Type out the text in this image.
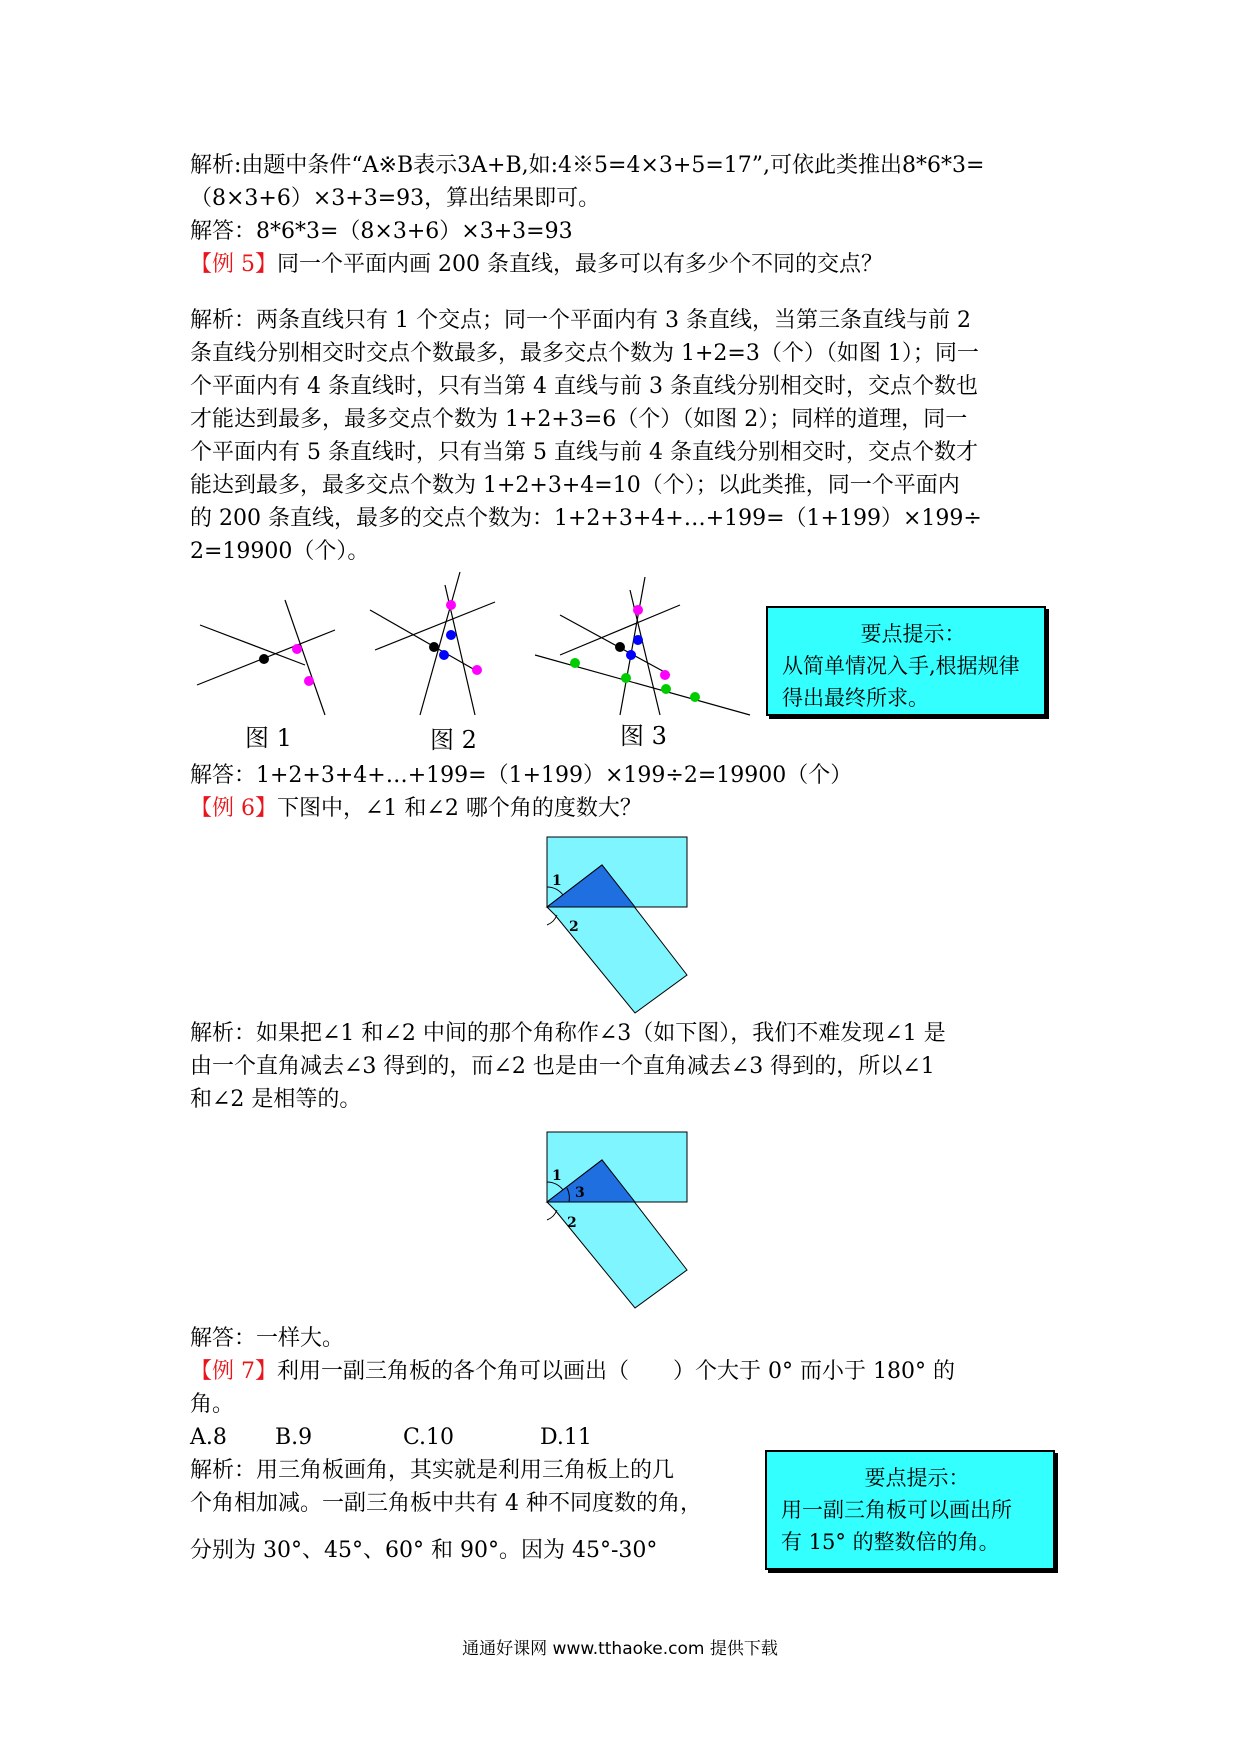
解析:由题中条件“A※B表示3A+B,如:4※5=4×3+5=17”,可依此类推出8*6*3=
（8×3+6）×3+3=93，算出结果即可。
解答：8*6*3=（8×3+6）×3+3=93
【例 5】同一个平面内画 200 条直线，最多可以有多少个不同的交点？
解析：两条直线只有 1 个交点；同一个平面内有 3 条直线，当第三条直线与前 2
条直线分别相交时交点个数最多，最多交点个数为 1+2=3（个）（如图 1）；同一
个平面内有 4 条直线时，只有当第 4 直线与前 3 条直线分别相交时，交点个数也
才能达到最多，最多交点个数为 1+2+3=6（个）（如图 2）；同样的道理，同一
个平面内有 5 条直线时，只有当第 5 直线与前 4 条直线分别相交时，交点个数才
能达到最多，最多交点个数为 1+2+3+4=10（个）；以此类推，同一个平面内
的 200 条直线，最多的交点个数为：1+2+3+4+…+199=（1+199）×199÷
2=19900（个）。
图 1	图 2	图 3
要点提示：
从简单情况入手,根据规律
得出最终所求。
解答：1+2+3+4+…+199=（1+199）×199÷2=19900（个）
【例 6】下图中，∠1 和∠2 哪个角的度数大？
1
2
解析：如果把∠1 和∠2 中间的那个角称作∠3（如下图），我们不难发现∠1 是
由一个直角减去∠3 得到的，而∠2 也是由一个直角减去∠3 得到的，所以∠1
和∠2 是相等的。
1
3
2
解答：一样大。
【例 7】利用一副三角板的各个角可以画出（　　）个大于 0° 而小于 180° 的
角。
A.8 B.9	C.10	D.11
解析：用三角板画角，其实就是利用三角板上的几
个角相加减。一副三角板中共有 4 种不同度数的角，
分别为 30°、45°、60° 和 90°。因为 45°-30°
要点提示：
用一副三角板可以画出所
有 15° 的整数倍的角。
通通好课网 www.tthaoke.com 提供下载
